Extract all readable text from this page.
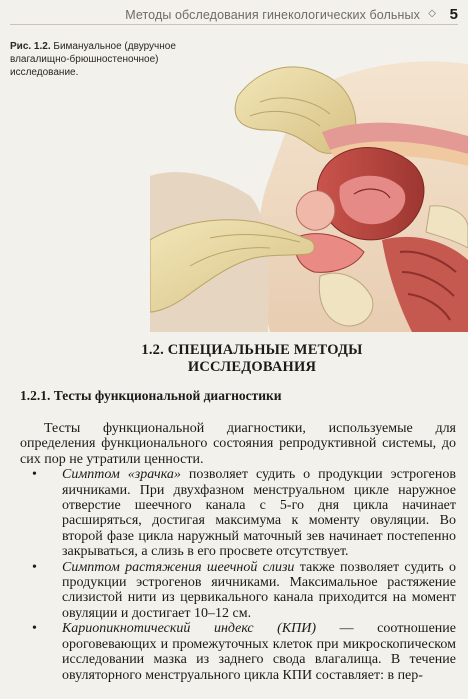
Методы обследования гинекологических больных ◇ 5
Рис. 1.2. Бимануальное (двуручное влагалищно-брюшностеночное) исследование.
1.2. СПЕЦИАЛЬНЫЕ МЕТОДЫ
ИССЛЕДОВАНИЯ
1.2.1. Тесты функциональной диагностики

Тесты функциональной диагностики, используемые для определения функционального состояния репродуктивной системы, до сих пор не утратили ценности.

• Симптом «зрачка» позволяет судить о продукции эстрогенов яичниками. При двухфазном менструальном цикле наружное отверстие шеечного канала с 5-го дня цикла начинает расширяться, достигая максимума к моменту овуляции. Во второй фазе цикла наружный маточный зев начинает постепенно закрываться, а слизь в его просвете отсутствует.
• Симптом растяжения шеечной слизи также позволяет судить о продукции эстрогенов яичниками. Максимальное растяжение слизистой нити из цервикального канала приходится на момент овуляции и достигает 10–12 см.
• Кариопикнотический индекс (КПИ) — соотношение ороговевающих и промежуточных клеток при микроскопическом исследовании мазка из заднего свода влагалища. В течение овуляторного менструального цикла КПИ составляет: в пер-
